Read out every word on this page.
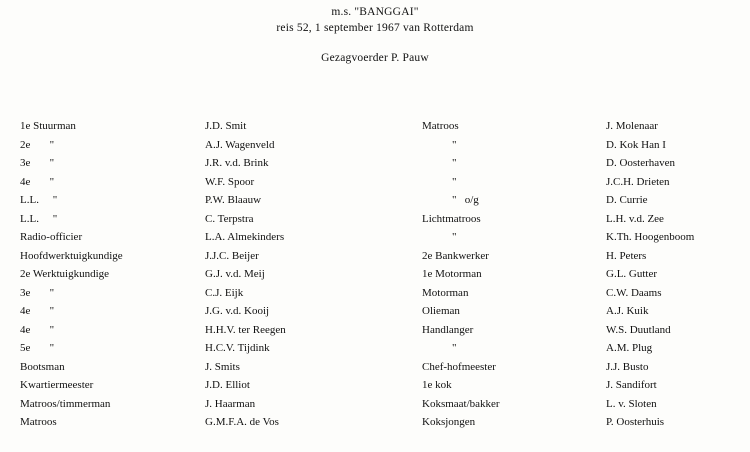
m.s. "BANGGAI"
reis 52, 1 september 1967 van Rotterdam
Gezagvoerder P. Pauw
1e Stuurman
2e       "
3e       "
4e       "
L.L.     "
L.L.     "
Radio-officier
Hoofdwerktuigkundige
2e Werktuigkundige
3e       "
4e       "
4e       "
5e       "
Bootsman
Kwartiermeester
Matroos/timmerman
Matroos
J.D. Smit
A.J. Wagenveld
J.R. v.d. Brink
W.F. Spoor
P.W. Blaauw
C. Terpstra
L.A. Almekinders
J.J.C. Beijer
G.J. v.d. Meij
C.J. Eijk
J.G. v.d. Kooij
H.H.V. ter Reegen
H.C.V. Tijdink
J. Smits
J.D. Elliot
J. Haarman
G.M.F.A. de Vos
Matroos
"
"
"
"   o/g
Lichtmatroos
"
2e Bankwerker
1e Motorman
Motorman
Olieman
Handlanger
"
Chef-hofmeester
1e kok
Koksmaat/bakker
Koksjongen
J. Molenaar
D. Kok Han I
D. Oosterhaven
J.C.H. Drieten
D. Currie
L.H. v.d. Zee
K.Th. Hoogenboom
H. Peters
G.L. Gutter
C.W. Daams
A.J. Kuik
W.S. Duutland
A.M. Plug
J.J. Busto
J. Sandifort
L. v. Sloten
P. Oosterhuis
